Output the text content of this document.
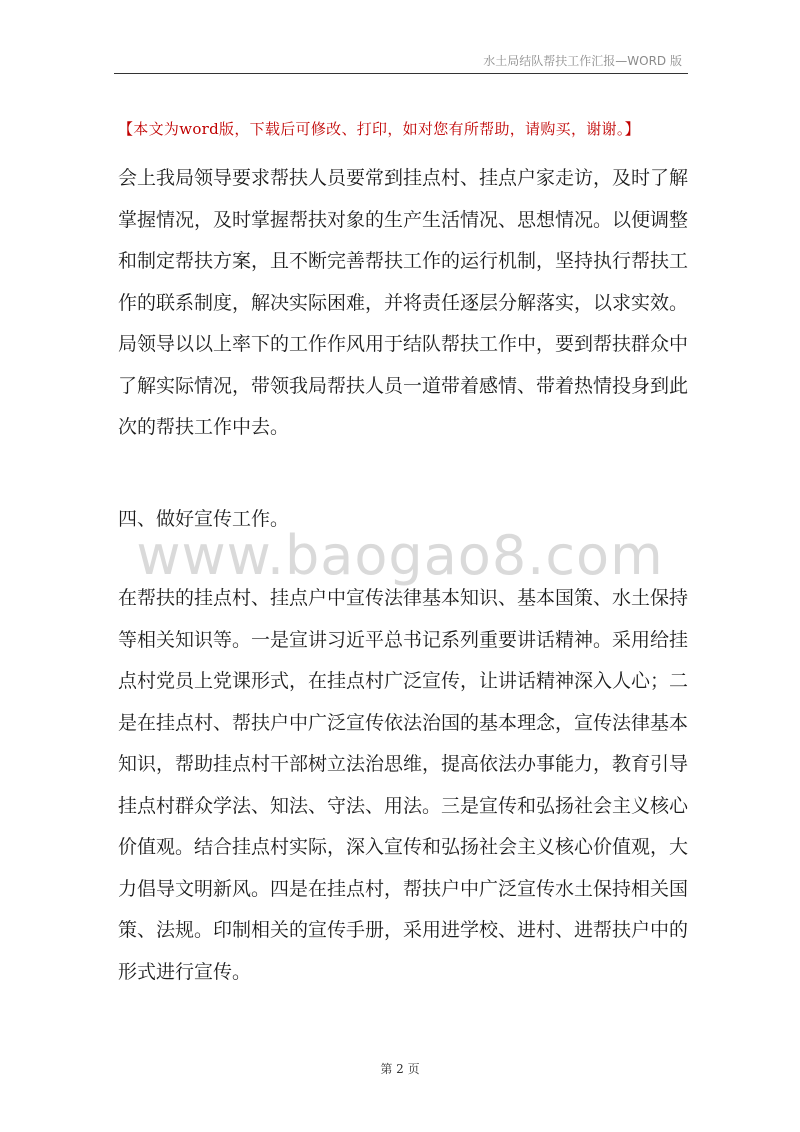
水土局结队帮扶工作汇报—WORD 版
【本文为word版，下载后可修改、打印，如对您有所帮助，请购买，谢谢。】

会上我局领导要求帮扶人员要常到挂点村、挂点户家走访，及时了解掌握情况，及时掌握帮扶对象的生产生活情况、思想情况。以便调整和制定帮扶方案，且不断完善帮扶工作的运行机制，坚持执行帮扶工作的联系制度，解决实际困难，并将责任逐层分解落实，以求实效。局领导以以上率下的工作作风用于结队帮扶工作中，要到帮扶群众中了解实际情况，带领我局帮扶人员一道带着感情、带着热情投身到此次的帮扶工作中去。

四、做好宣传工作。

www.baogao8.com

在帮扶的挂点村、挂点户中宣传法律基本知识、基本国策、水土保持等相关知识等。一是宣讲习近平总书记系列重要讲话精神。采用给挂点村党员上党课形式，在挂点村广泛宣传，让讲话精神深入人心；二是在挂点村、帮扶户中广泛宣传依法治国的基本理念，宣传法律基本知识，帮助挂点村干部树立法治思维，提高依法办事能力，教育引导挂点村群众学法、知法、守法、用法。三是宣传和弘扬社会主义核心价值观。结合挂点村实际，深入宣传和弘扬社会主义核心价值观，大力倡导文明新风。四是在挂点村，帮扶户中广泛宣传水土保持相关国策、法规。印制相关的宣传手册，采用进学校、进村、进帮扶户中的形式进行宣传。

第 2 页
